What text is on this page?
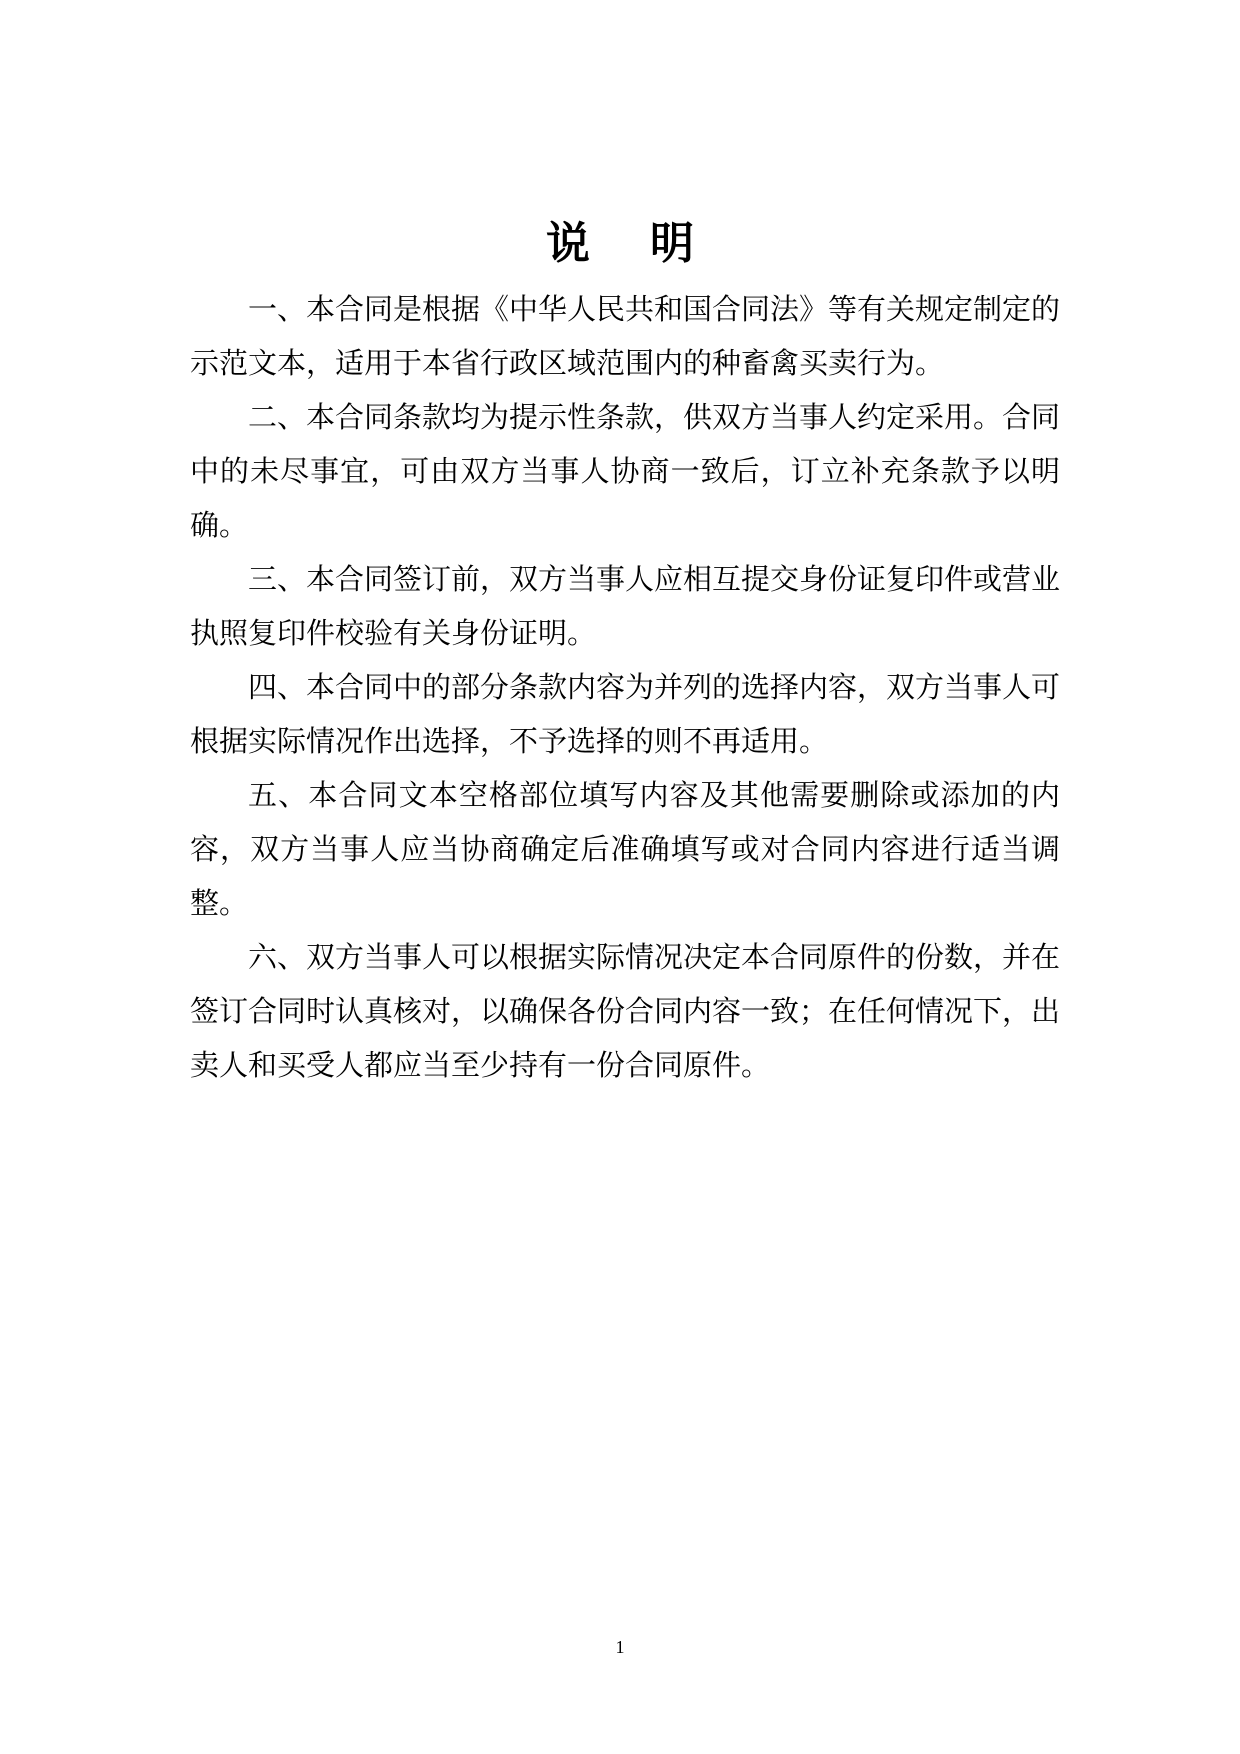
说 明

一、本合同是根据《中华人民共和国合同法》等有关规定制定的示范文本，适用于本省行政区域范围内的种畜禽买卖行为。

二、本合同条款均为提示性条款，供双方当事人约定采用。合同中的未尽事宜，可由双方当事人协商一致后，订立补充条款予以明确。

三、本合同签订前，双方当事人应相互提交身份证复印件或营业执照复印件校验有关身份证明。

四、本合同中的部分条款内容为并列的选择内容，双方当事人可根据实际情况作出选择，不予选择的则不再适用。

五、本合同文本空格部位填写内容及其他需要删除或添加的内容，双方当事人应当协商确定后准确填写或对合同内容进行适当调整。

六、双方当事人可以根据实际情况决定本合同原件的份数，并在签订合同时认真核对，以确保各份合同内容一致；在任何情况下，出卖人和买受人都应当至少持有一份合同原件。

1
